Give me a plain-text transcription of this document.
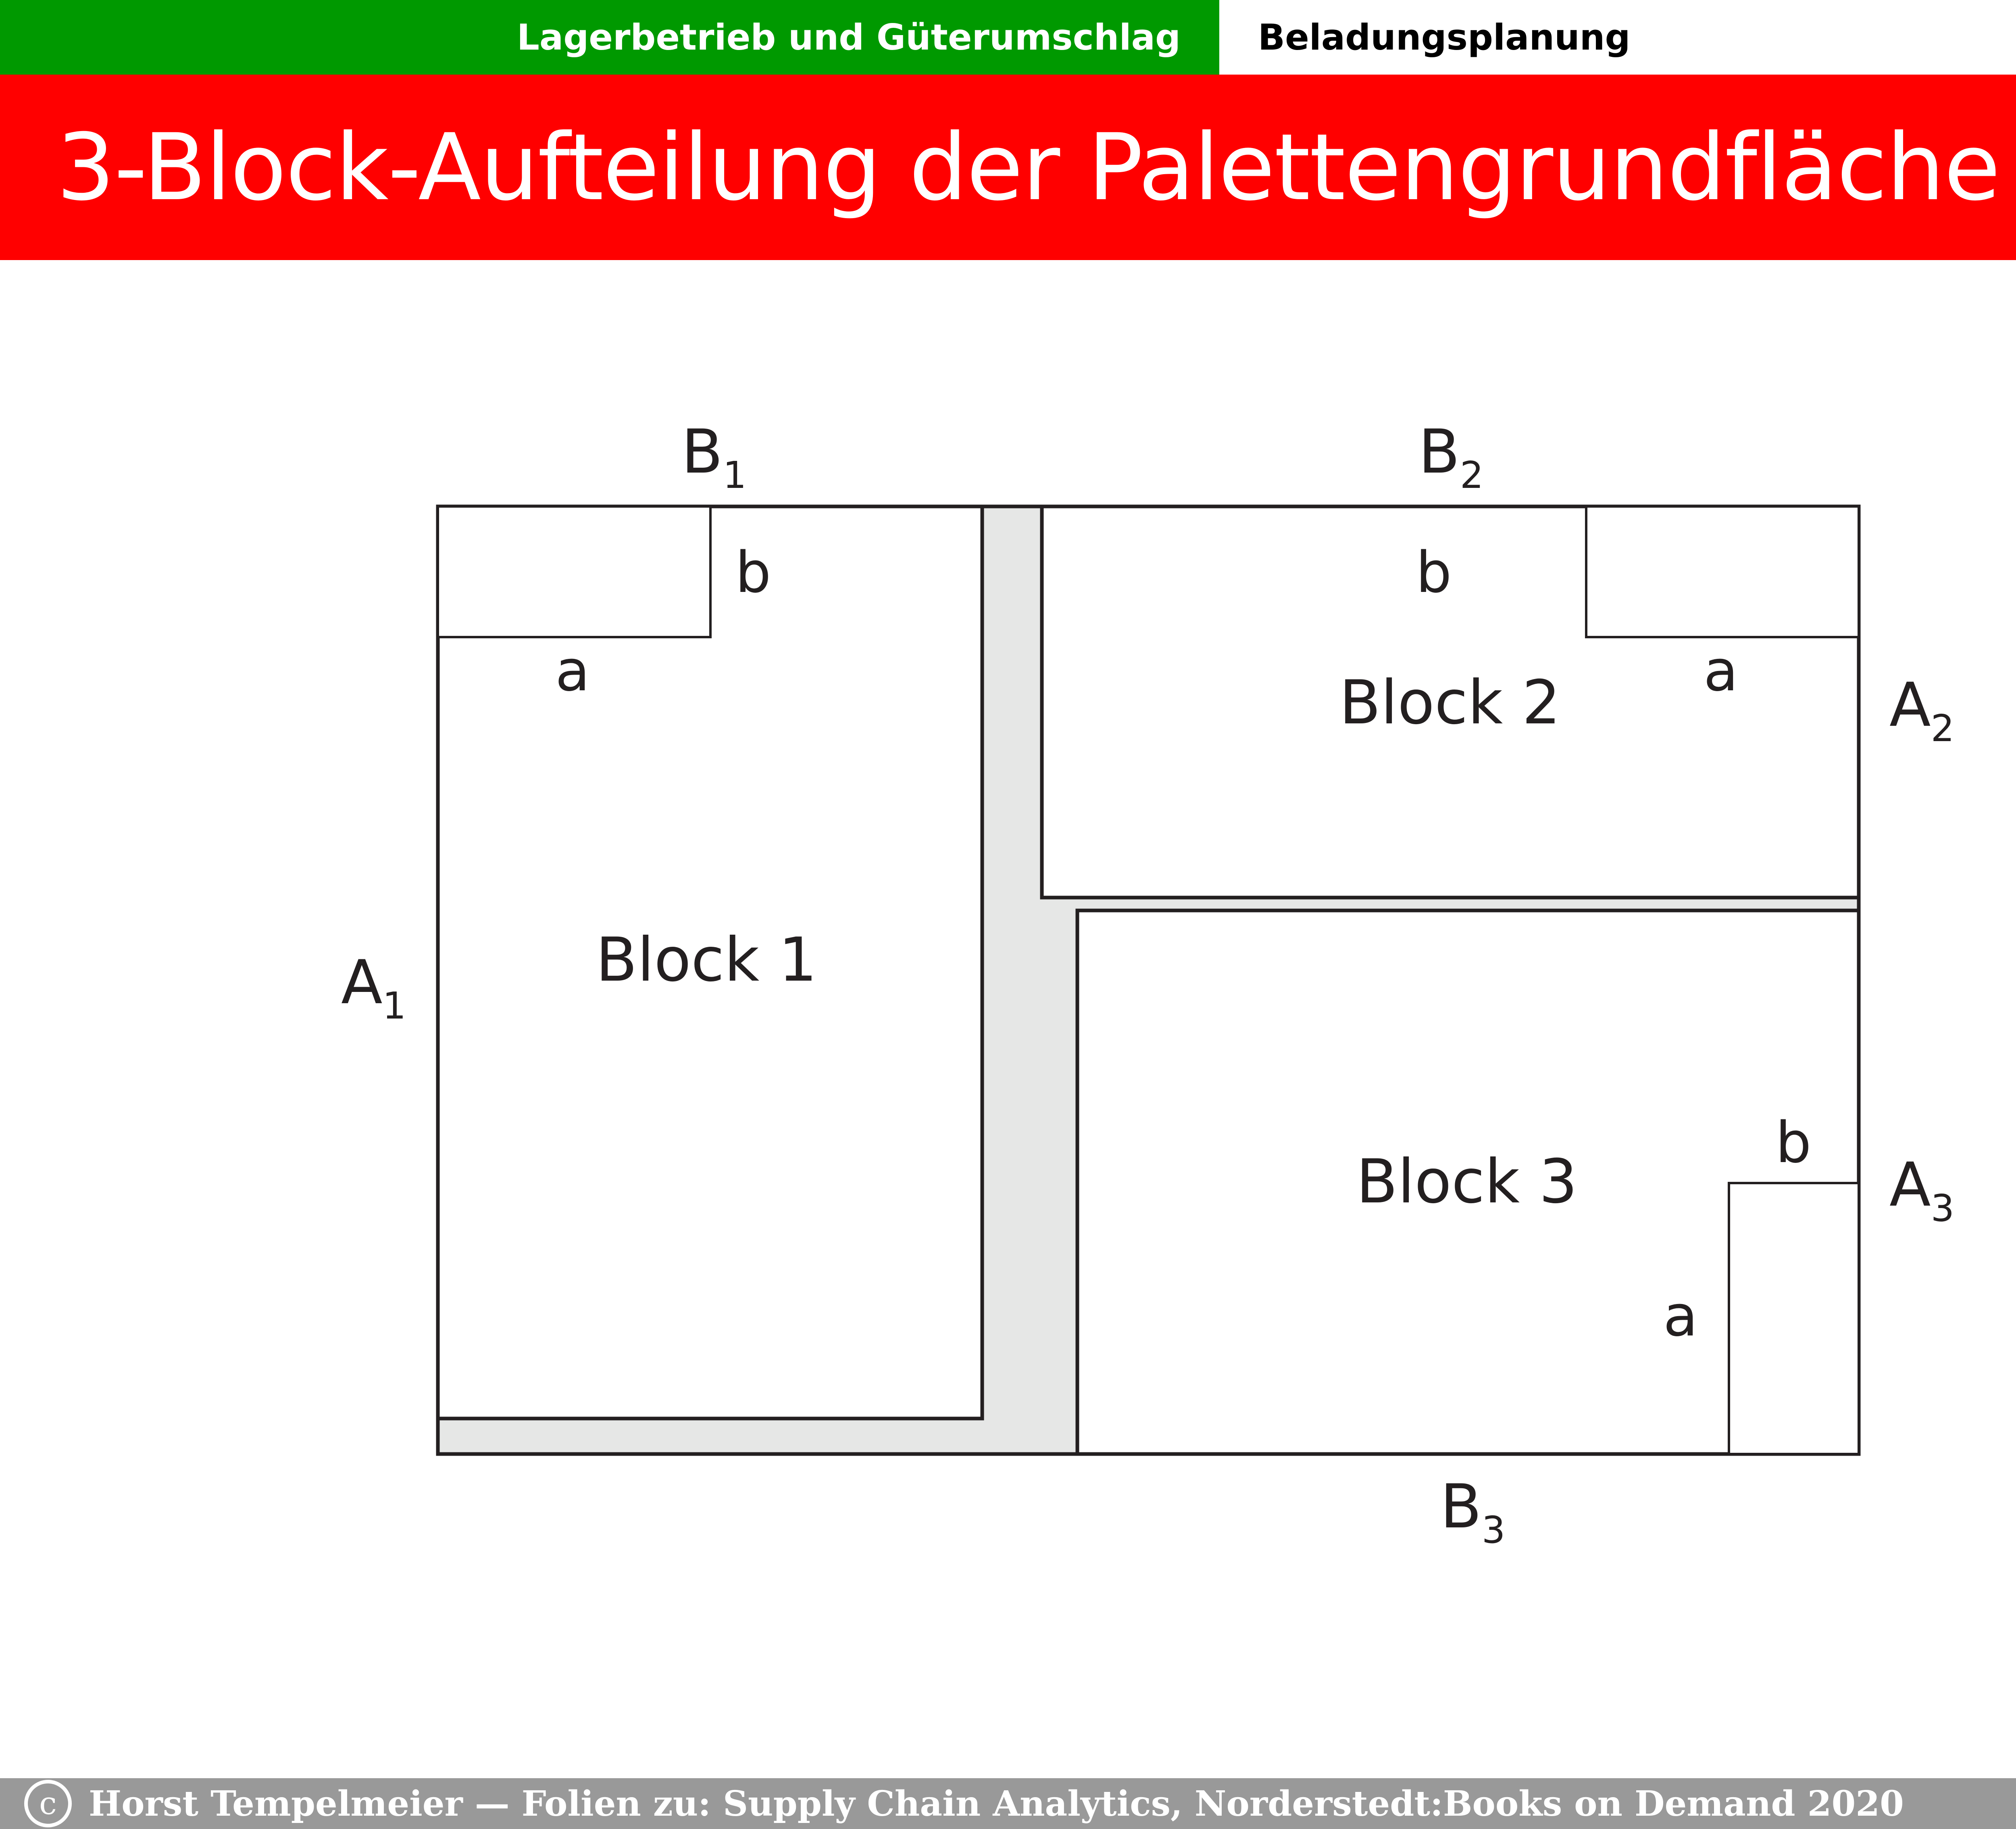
Lagerbetrieb und Güterumschlag	Beladungsplanung
3-Block-Aufteilung der Palettengrundfläche
Block 1
Block 2
Block 3
b
a
b
a
b
a
$B_1$	$B_2$
$B_3$
$A_1$
$A_2$
$A_3$
c Horst Tempelmeier — Folien zu: Supply Chain Analytics, Norderstedt:Books on Demand 2020
